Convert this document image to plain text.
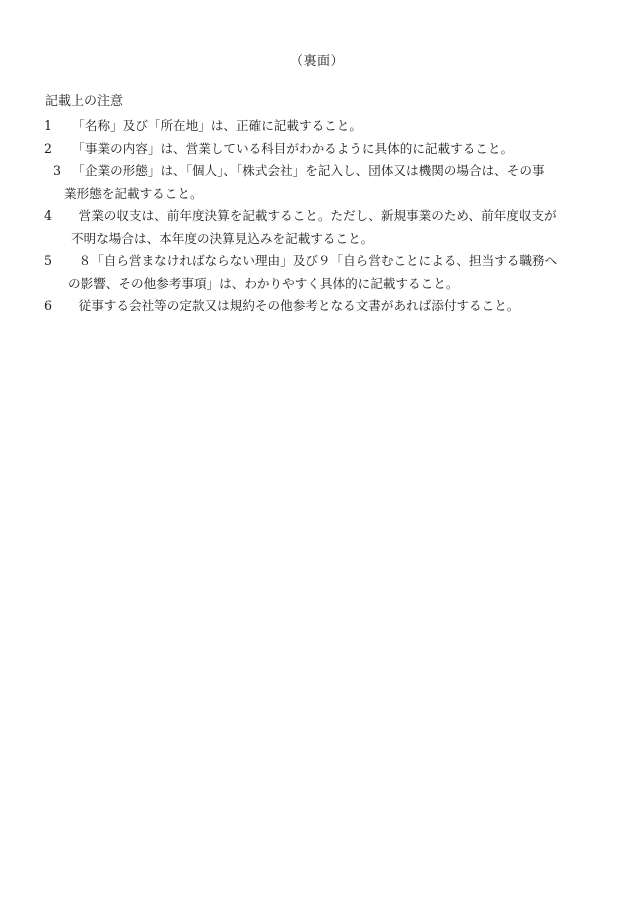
（裏面）
記載上の注意
1　「名称」及び「所在地」は、正確に記載すること。
2　「事業の内容」は、営業している科目がわかるように具体的に記載すること。
3　「企業の形態」は、「個人」、「株式会社」を記入し、団体又は機関の場合は、その事
業形態を記載すること。
4　営業の収支は、前年度決算を記載すること。ただし、新規事業のため、前年度収支が
不明な場合は、本年度の決算見込みを記載すること。
5　８「自ら営まなければならない理由」及び９「自ら営むことによる、担当する職務へ
の影響、その他参考事項」は、わかりやすく具体的に記載すること。
6　従事する会社等の定款又は規約その他参考となる文書があれば添付すること。
